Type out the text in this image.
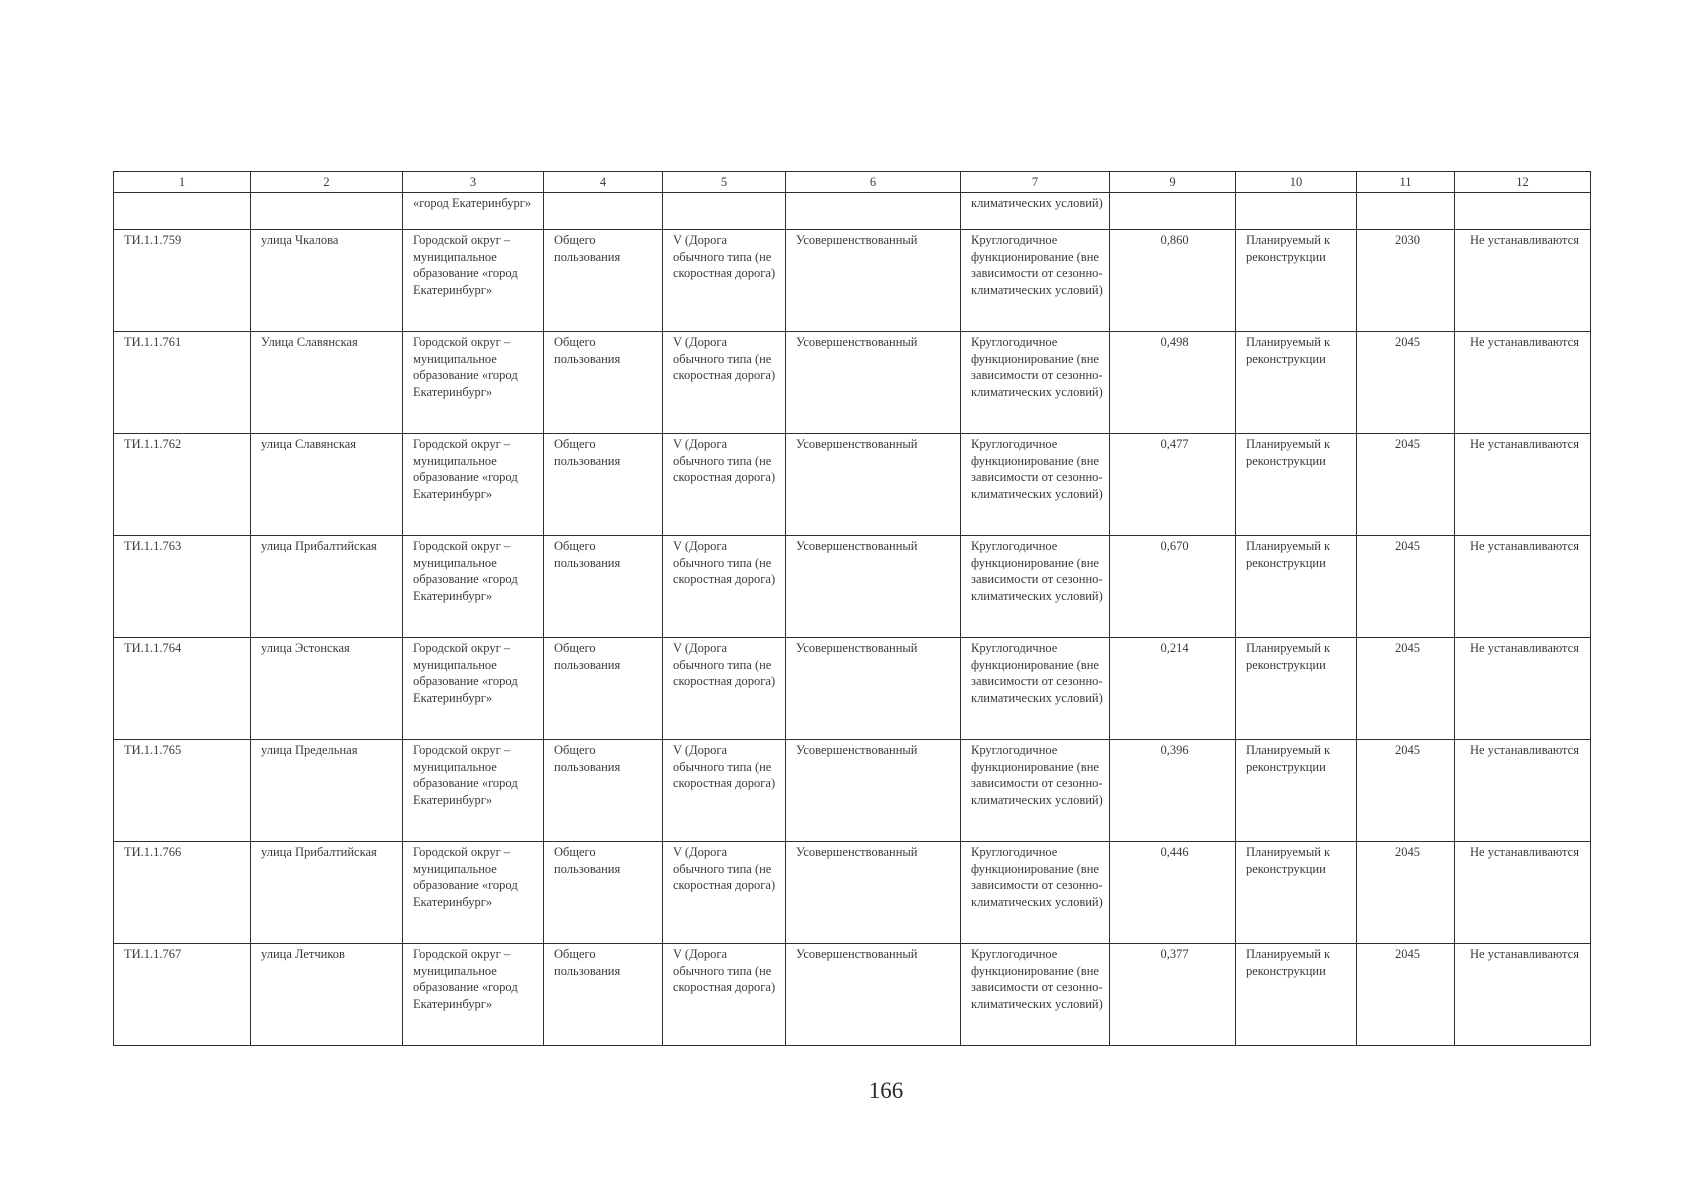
1	2	3	4	5	6	7	9	10	11	12
		«город Екатеринбург»				климатических условий)				
ТИ.1.1.759	улица Чкалова	Городской округ – муниципальное образование «город Екатеринбург»	Общего пользования	V (Дорога обычного типа (не скоростная дорога)	Усовершенствованный	Круглогодичное функционирование (вне зависимости от сезонно-климатических условий)	0,860	Планируемый к реконструкции	2030	Не устанавливаются
ТИ.1.1.761	Улица Славянская	Городской округ – муниципальное образование «город Екатеринбург»	Общего пользования	V (Дорога обычного типа (не скоростная дорога)	Усовершенствованный	Круглогодичное функционирование (вне зависимости от сезонно-климатических условий)	0,498	Планируемый к реконструкции	2045	Не устанавливаются
ТИ.1.1.762	улица Славянская	Городской округ – муниципальное образование «город Екатеринбург»	Общего пользования	V (Дорога обычного типа (не скоростная дорога)	Усовершенствованный	Круглогодичное функционирование (вне зависимости от сезонно-климатических условий)	0,477	Планируемый к реконструкции	2045	Не устанавливаются
ТИ.1.1.763	улица Прибалтийская	Городской округ – муниципальное образование «город Екатеринбург»	Общего пользования	V (Дорога обычного типа (не скоростная дорога)	Усовершенствованный	Круглогодичное функционирование (вне зависимости от сезонно-климатических условий)	0,670	Планируемый к реконструкции	2045	Не устанавливаются
ТИ.1.1.764	улица Эстонская	Городской округ – муниципальное образование «город Екатеринбург»	Общего пользования	V (Дорога обычного типа (не скоростная дорога)	Усовершенствованный	Круглогодичное функционирование (вне зависимости от сезонно-климатических условий)	0,214	Планируемый к реконструкции	2045	Не устанавливаются
ТИ.1.1.765	улица Предельная	Городской округ – муниципальное образование «город Екатеринбург»	Общего пользования	V (Дорога обычного типа (не скоростная дорога)	Усовершенствованный	Круглогодичное функционирование (вне зависимости от сезонно-климатических условий)	0,396	Планируемый к реконструкции	2045	Не устанавливаются
ТИ.1.1.766	улица Прибалтийская	Городской округ – муниципальное образование «город Екатеринбург»	Общего пользования	V (Дорога обычного типа (не скоростная дорога)	Усовершенствованный	Круглогодичное функционирование (вне зависимости от сезонно-климатических условий)	0,446	Планируемый к реконструкции	2045	Не устанавливаются
ТИ.1.1.767	улица Летчиков	Городской округ – муниципальное образование «город Екатеринбург»	Общего пользования	V (Дорога обычного типа (не скоростная дорога)	Усовершенствованный	Круглогодичное функционирование (вне зависимости от сезонно-климатических условий)	0,377	Планируемый к реконструкции	2045	Не устанавливаются
166
